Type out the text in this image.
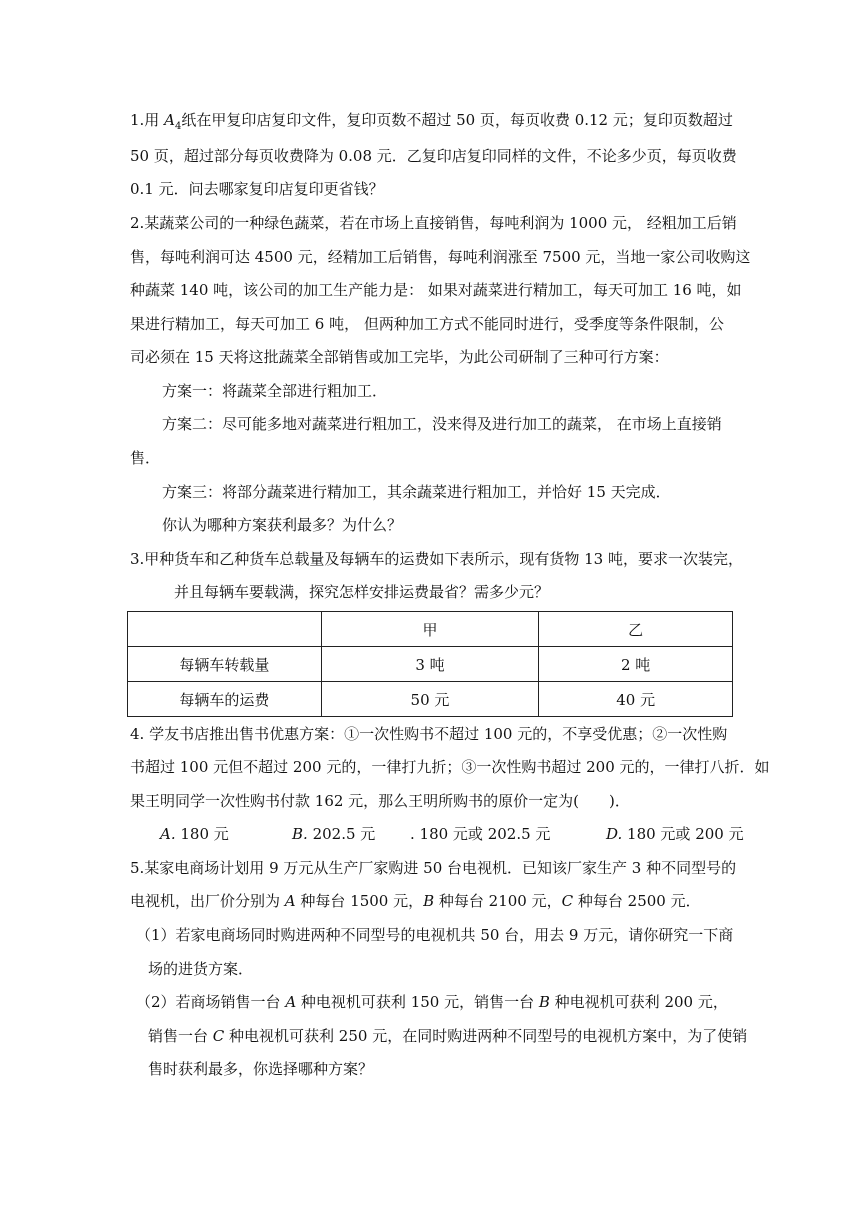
1.用 $A_4$纸在甲复印店复印文件，复印页数不超过 50 页，每页收费 0.12 元；复印页数超过
50 页，超过部分每页收费降为 0.08 元．乙复印店复印同样的文件，不论多少页，每页收费
0.1 元．问去哪家复印店复印更省钱？
2.某蔬菜公司的一种绿色蔬菜，若在市场上直接销售，每吨利润为 1000 元， 经粗加工后销
售，每吨利润可达 4500 元，经精加工后销售，每吨利润涨至 7500 元，当地一家公司收购这
种蔬菜 140 吨，该公司的加工生产能力是： 如果对蔬菜进行精加工，每天可加工 16 吨，如
果进行精加工，每天可加工 6 吨， 但两种加工方式不能同时进行，受季度等条件限制，公
司必须在 15 天将这批蔬菜全部销售或加工完毕，为此公司研制了三种可行方案：
方案一：将蔬菜全部进行粗加工．
方案二：尽可能多地对蔬菜进行粗加工，没来得及进行加工的蔬菜， 在市场上直接销
售．
方案三：将部分蔬菜进行精加工，其余蔬菜进行粗加工，并恰好 15 天完成．
你认为哪种方案获利最多？为什么？
3.甲种货车和乙种货车总载量及每辆车的运费如下表所示，现有货物 13 吨，要求一次装完，
并且每辆车要载满，探究怎样安排运费最省？需多少元？
	甲	乙
每辆车转载量	3 吨	2 吨
每辆车的运费	50 元	40 元
4. 学友书店推出售书优惠方案：①一次性购书不超过 100 元的，不享受优惠；②一次性购
书超过 100 元但不超过 200 元的，一律打九折；③一次性购书超过 200 元的，一律打八折．如
果王明同学一次性购书付款 162 元，那么王明所购书的原价一定为(　　)．
A. 180 元	B. 202.5 元 . 180 元或 202.5 元	D. 180 元或 200 元
5.某家电商场计划用 9 万元从生产厂家购进 50 台电视机．已知该厂家生产 3 种不同型号的
电视机，出厂价分别为 A 种每台 1500 元，B 种每台 2100 元，C 种每台 2500 元．
（1）若家电商场同时购进两种不同型号的电视机共 50 台，用去 9 万元，请你研究一下商
场的进货方案．
（2）若商场销售一台 A 种电视机可获利 150 元，销售一台 B 种电视机可获利 200 元，
销售一台 C 种电视机可获利 250 元，在同时购进两种不同型号的电视机方案中，为了使销
售时获利最多，你选择哪种方案？
